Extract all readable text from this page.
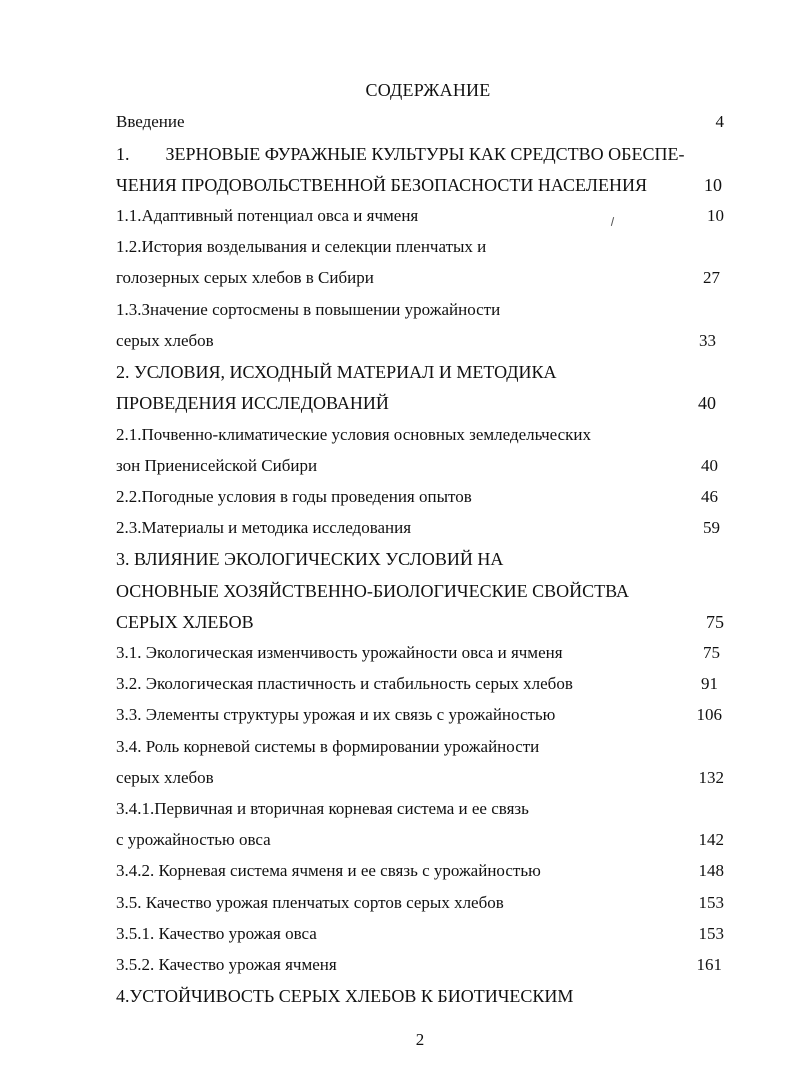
СОДЕРЖАНИЕ
Введение	4
1.        ЗЕРНОВЫЕ ФУРАЖНЫЕ КУЛЬТУРЫ КАК СРЕДСТВО ОБЕСПЕ-
ЧЕНИЯ ПРОДОВОЛЬСТВЕННОЙ БЕЗОПАСНОСТИ НАСЕЛЕНИЯ	10
1.1.Адаптивный потенциал овса и ячменя	10
1.2.История возделывания и селекции пленчатых и
голозерных серых хлебов в Сибири	27
1.3.Значение сортосмены в повышении урожайности
серых хлебов	33
2. УСЛОВИЯ, ИСХОДНЫЙ МАТЕРИАЛ И МЕТОДИКА
ПРОВЕДЕНИЯ ИССЛЕДОВАНИЙ	40
2.1.Почвенно-климатические условия основных земледельческих
зон Приенисейской Сибири	40
2.2.Погодные условия в годы проведения опытов	46
2.3.Материалы и методика исследования	59
3. ВЛИЯНИЕ ЭКОЛОГИЧЕСКИХ УСЛОВИЙ НА
ОСНОВНЫЕ ХОЗЯЙСТВЕННО-БИОЛОГИЧЕСКИЕ СВОЙСТВА
СЕРЫХ ХЛЕБОВ	75
3.1. Экологическая изменчивость урожайности овса и ячменя	75
3.2. Экологическая пластичность и стабильность серых хлебов	91
3.3. Элементы структуры урожая и их связь с урожайностью	106
3.4. Роль корневой системы в формировании урожайности
серых хлебов	132
3.4.1.Первичная и вторичная корневая система и ее связь
с урожайностью овса	142
3.4.2. Корневая система ячменя и ее связь с урожайностью	148
3.5. Качество урожая пленчатых сортов серых хлебов	153
3.5.1. Качество урожая овса	153
3.5.2. Качество урожая ячменя	161
4.УСТОЙЧИВОСТЬ СЕРЫХ ХЛЕБОВ К БИОТИЧЕСКИМ
2
